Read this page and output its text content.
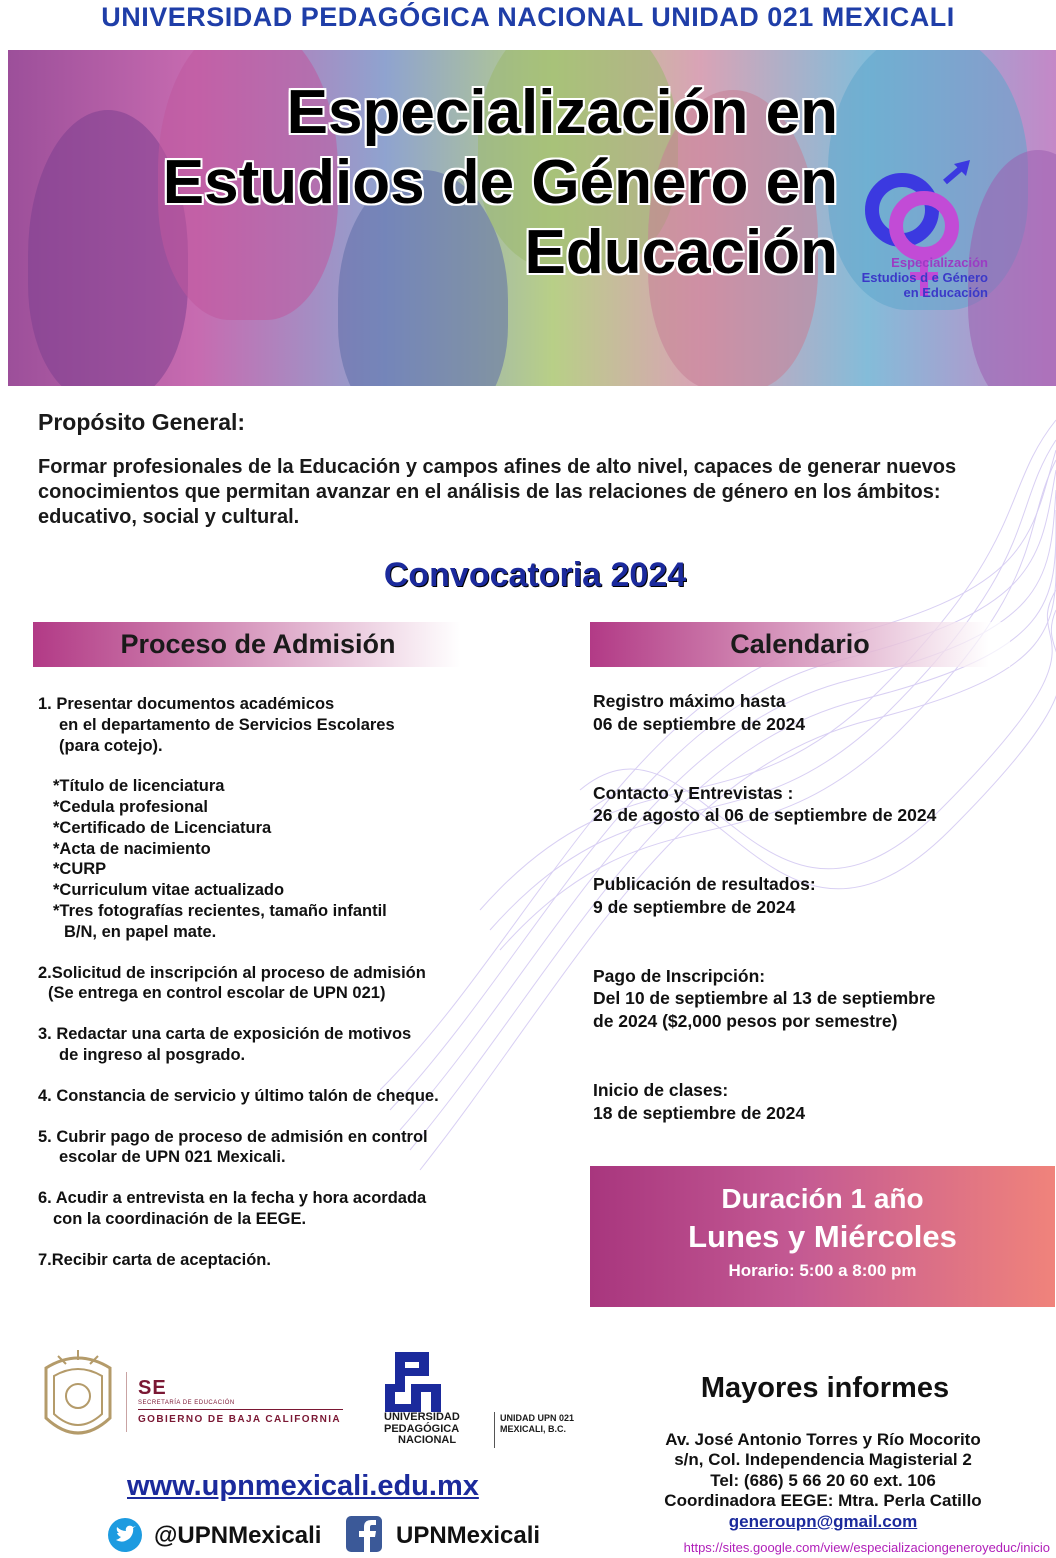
UNIVERSIDAD PEDAGÓGICA NACIONAL UNIDAD 021 MEXICALI
Especialización en
Estudios de Género en
Educación	Especialización
Estudios d e Género
en Educación
Propósito General:
Formar profesionales de la Educación y campos afines de alto nivel, capaces de generar nuevos conocimientos que permitan avanzar en el análisis de las relaciones de género en los ámbitos: educativo, social y cultural.
Convocatoria 2024
Proceso de Admisión	Calendario
1. Presentar documentos académicos
en el departamento de Servicios Escolares
(para cotejo).
*Título de licenciatura
*Cedula profesional
*Certificado de Licenciatura
*Acta de nacimiento
*CURP
*Curriculum vitae actualizado
*Tres fotografías recientes, tamaño infantil
B/N, en papel mate.
2.Solicitud de inscripción al proceso de admisión
(Se entrega en control escolar de UPN 021)
3. Redactar una carta de exposición de motivos
de ingreso al posgrado.
4. Constancia de servicio y último talón de cheque.
5. Cubrir pago de proceso de admisión en control
escolar de UPN 021 Mexicali.
6. Acudir a entrevista en la fecha y hora acordada
con la coordinación de la EEGE.
7.Recibir carta de aceptación.
Registro máximo hasta
06 de septiembre de 2024
Contacto y Entrevistas :
26 de agosto al 06 de septiembre de 2024
Publicación de resultados:
9 de septiembre de 2024
Pago de Inscripción:
Del 10 de septiembre al 13 de septiembre
de 2024 ($2,000 pesos por semestre)
Inicio de clases:
18 de septiembre de 2024
Duración 1 año
Lunes y Miércoles
Horario: 5:00 a 8:00 pm
SE
SECRETARÍA DE EDUCACIÓN
GOBIERNO DE BAJA CALIFORNIA	UNIVERSIDAD
PEDAGÓGICA
NACIONAL
UNIDAD UPN 021
MEXICALI, B.C.
www.upnmexicali.edu.mx
@UPNMexicali	UPNMexicali
Mayores informes
Av. José Antonio Torres y Río Mocorito
s/n, Col. Independencia Magisterial 2
Tel: (686) 5 66 20 60 ext. 106
Coordinadora EEGE: Mtra. Perla Catillo
generoupn@gmail.com
https://sites.google.com/view/especializaciongeneroyeduc/inicio
